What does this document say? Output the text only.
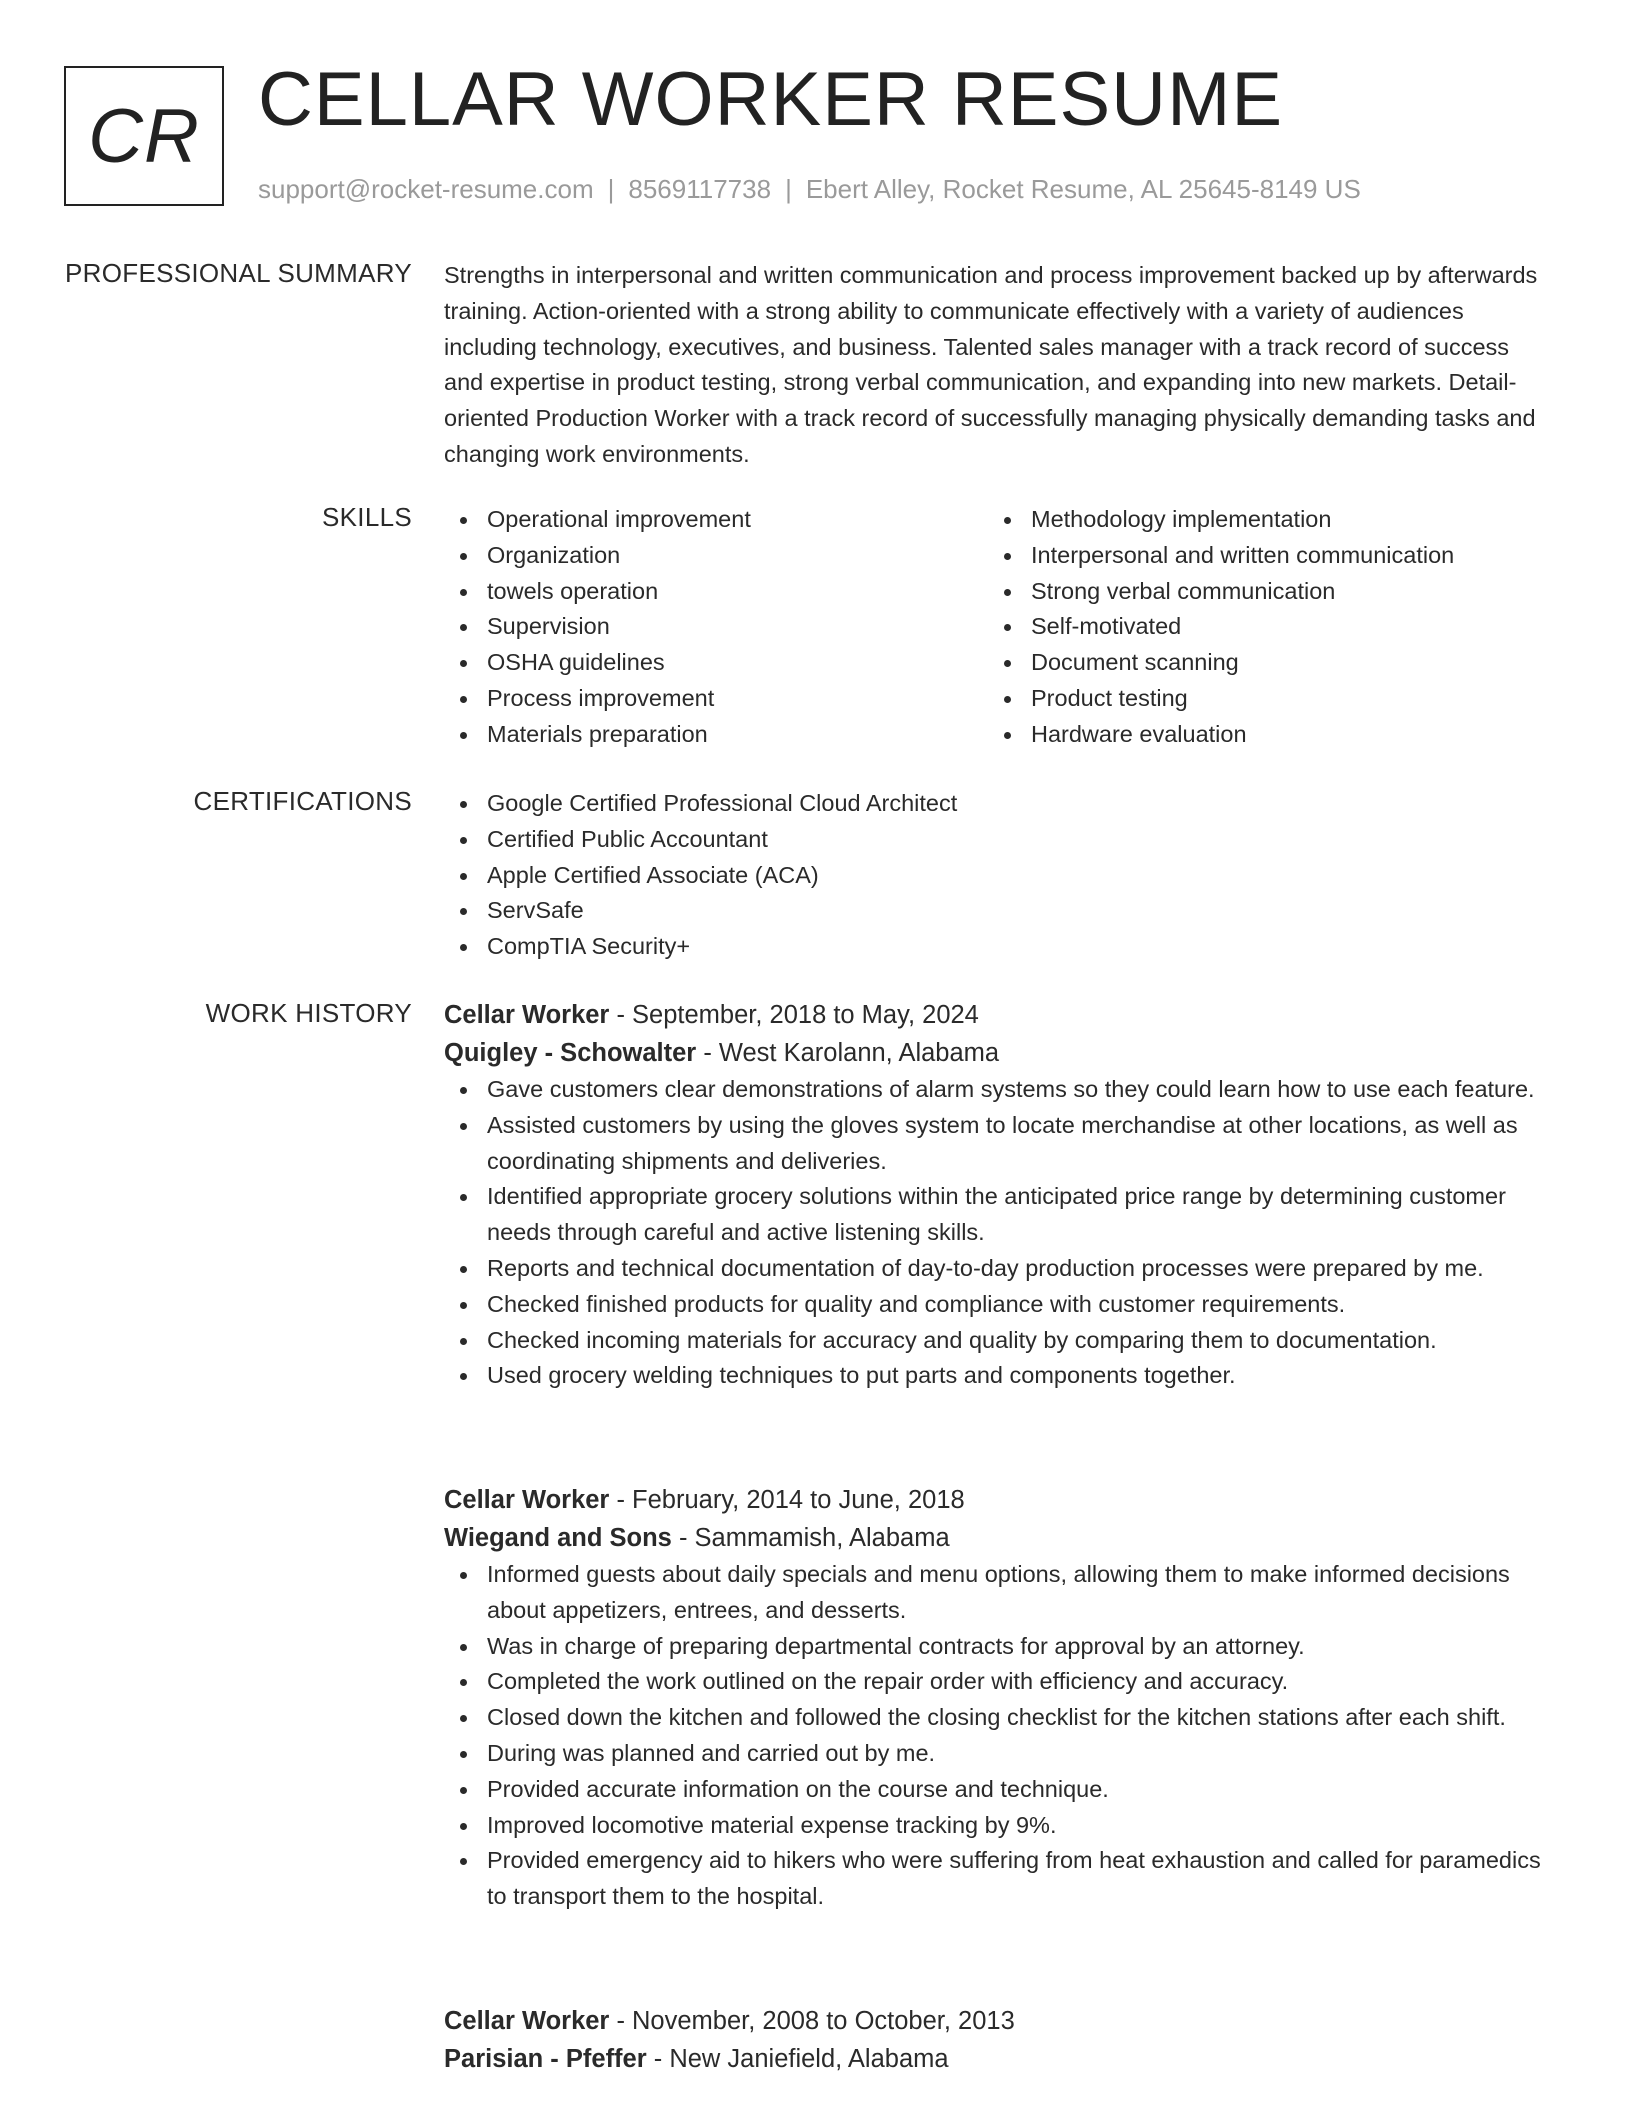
CR CELLAR WORKER RESUME
support@rocket-resume.com | 8569117738 | Ebert Alley, Rocket Resume, AL 25645-8149 US
PROFESSIONAL SUMMARY Strengths in interpersonal and written communication and process improvement backed up by afterwards training. Action-oriented with a strong ability to communicate effectively with a variety of audiences including technology, executives, and business. Talented sales manager with a track record of success and expertise in product testing, strong verbal communication, and expanding into new markets. Detail-oriented Production Worker with a track record of successfully managing physically demanding tasks and changing work environments.
SKILLS	Operational improvement
Organization
towels operation
Supervision
OSHA guidelines
Process improvement
Materials preparation
Methodology implementation
Interpersonal and written communication
Strong verbal communication
Self-motivated
Document scanning
Product testing
Hardware evaluation
CERTIFICATIONS	Google Certified Professional Cloud Architect
Certified Public Accountant
Apple Certified Associate (ACA)
ServSafe
CompTIA Security+
WORK HISTORY Cellar Worker - September, 2018 to May, 2024
Quigley - Schowalter - West Karolann, Alabama
Gave customers clear demonstrations of alarm systems so they could learn how to use each feature.
Assisted customers by using the gloves system to locate merchandise at other locations, as well as coordinating shipments and deliveries.
Identified appropriate grocery solutions within the anticipated price range by determining customer needs through careful and active listening skills.
Reports and technical documentation of day-to-day production processes were prepared by me.
Checked finished products for quality and compliance with customer requirements.
Checked incoming materials for accuracy and quality by comparing them to documentation.
Used grocery welding techniques to put parts and components together.
Cellar Worker - February, 2014 to June, 2018
Wiegand and Sons - Sammamish, Alabama
Informed guests about daily specials and menu options, allowing them to make informed decisions about appetizers, entrees, and desserts.
Was in charge of preparing departmental contracts for approval by an attorney.
Completed the work outlined on the repair order with efficiency and accuracy.
Closed down the kitchen and followed the closing checklist for the kitchen stations after each shift.
During was planned and carried out by me.
Provided accurate information on the course and technique.
Improved locomotive material expense tracking by 9%.
Provided emergency aid to hikers who were suffering from heat exhaustion and called for paramedics to transport them to the hospital.
Cellar Worker - November, 2008 to October, 2013
Parisian - Pfeffer - New Janiefield, Alabama
